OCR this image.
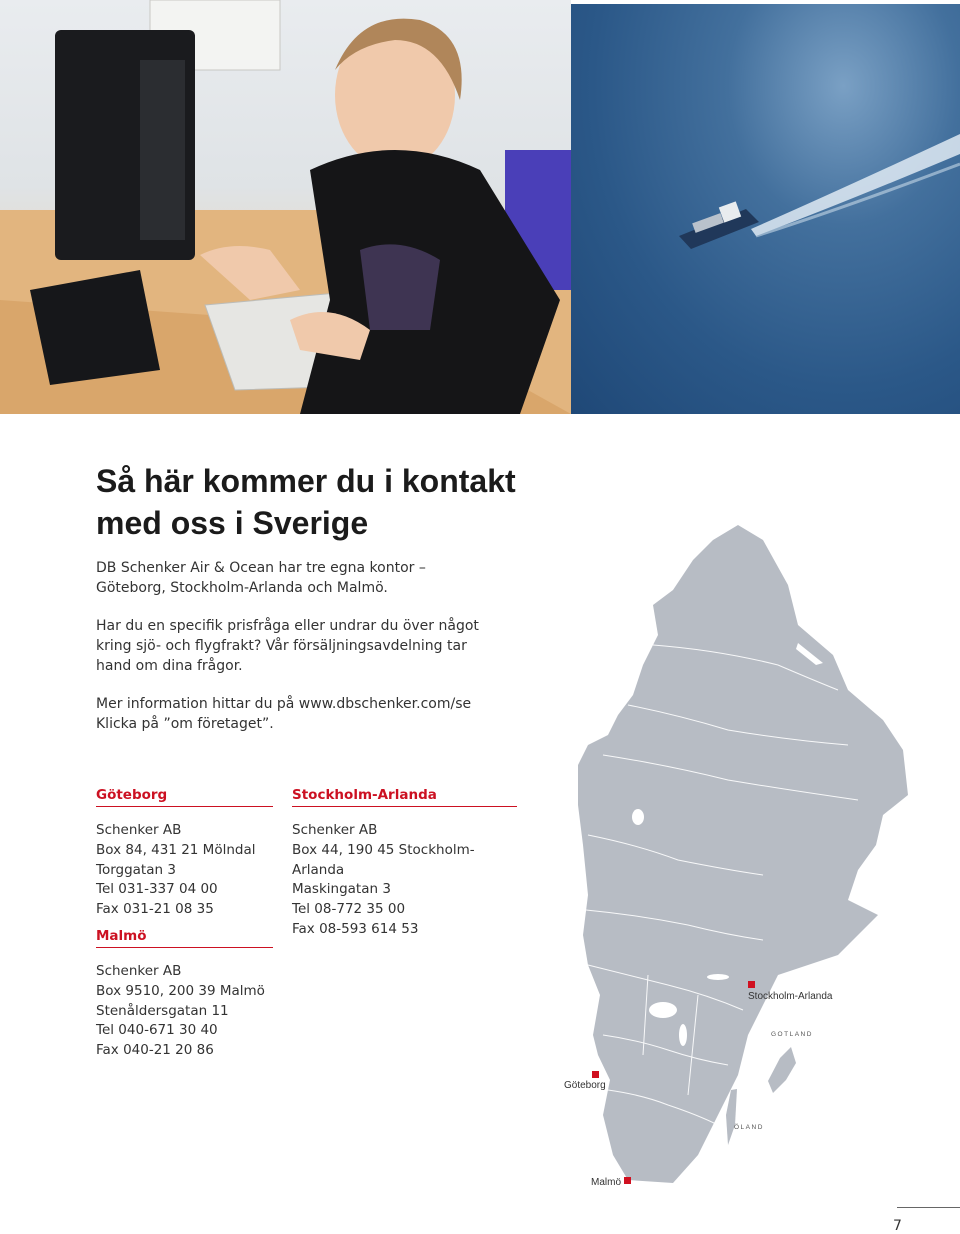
Så här kommer du i kontakt
med oss i Sverige

DB Schenker Air & Ocean har tre egna kontor –
Göteborg, Stockholm-Arlanda och Malmö.

Har du en specifik prisfråga eller undrar du över något
kring sjö- och flygfrakt? Vår försäljningsavdelning tar
hand om dina frågor.

Mer information hittar du på www.dbschenker.com/se
Klicka på ”om företaget”.

Göteborg
Schenker AB
Box 84, 431 21 Mölndal
Torggatan 3
Tel 031-337 04 00
Fax 031-21 08 35
Stockholm-Arlanda
Schenker AB
Box 44, 190 45 Stockholm-Arlanda
Maskingatan 3
Tel 08-772 35 00
Fax 08-593 614 53
Malmö
Schenker AB
Box 9510, 200 39 Malmö
Stenåldersgatan 11
Tel 040-671 30 40
Fax 040-21 20 86
Stockholm-Arlanda
Göteborg
Malmö
GOTLAND
ÖLAND
7
